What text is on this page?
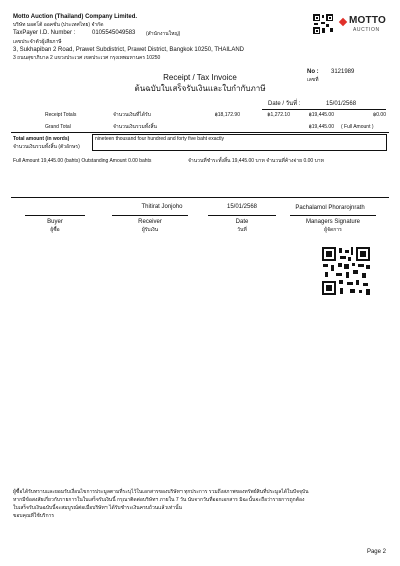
Motto Auction (Thailand) Company Limited.
บริษัท มอตโต้ ออคชั่น (ประเทศไทย) จำกัด
TaxPayer I.D. Number :	0105545049583 (สำนักงานใหญ่)
เลขประจำตัวผู้เสียภาษี
3, Sukhapiban 2 Road, Prawet Subdistrict, Prawet District, Bangkok 10250, THAILAND
3 ถนนสุขาภิบาล 2 แขวงประเวศ เขตประเวศ กรุงเทพมหานคร 10250
MOTTO
AUCTION
No : 3121989
เลขที่
Receipt / Tax Invoice
ต้นฉบับใบเสร็จรับเงินและใบกำกับภาษี
Date / วันที่ :	15/01/2568
Receipt Totals	จำนวนเงินที่ได้รับ	฿18,172.90	฿1,272.10	฿19,445.00	฿0.00
Grand Total	จำนวนเงินรวมทั้งสิ้น	฿19,445.00 ( Full Amount )
Total amount (in words)
จำนวนเงินรวมทั้งสิ้น (ตัวอักษร)
nineteen thousand four hundred and forty five baht exactly
Full Amount 19,445.00 (bahts) Outstanding Amount 0.00 bahts	จำนวนที่ชำระทั้งสิ้น 19,445.00 บาท จำนวนที่ค้างจ่าย 0.00 บาท
Thitirat Jonjoho	15/01/2568	Pachalamol Phorarojnrath
Buyer
ผู้ซื้อ
Receiver
ผู้รับเงิน
Date
วันที่
Managers Signature
ผู้จัดการ
ผู้ซื้อได้รับทราบและยอมรับเงื่อนไขการประมูลตามที่ระบุไว้ในเอกสารของบริษัทฯ ทุกประการ รวมถึงสภาพของทรัพย์สินที่ประมูลได้ในปัจจุบัน
หากมีข้อสงสัยเกี่ยวกับรายการในใบเสร็จรับเงินนี้ กรุณาติดต่อบริษัทฯ ภายใน 7 วัน นับจากวันที่ออกเอกสาร มิฉะนั้นจะถือว่ารายการถูกต้อง
ใบเสร็จรับเงินฉบับนี้จะสมบูรณ์ต่อเมื่อบริษัทฯ ได้รับชำระเงินครบถ้วนแล้วเท่านั้น
ขอบคุณที่ใช้บริการ
Page 2
